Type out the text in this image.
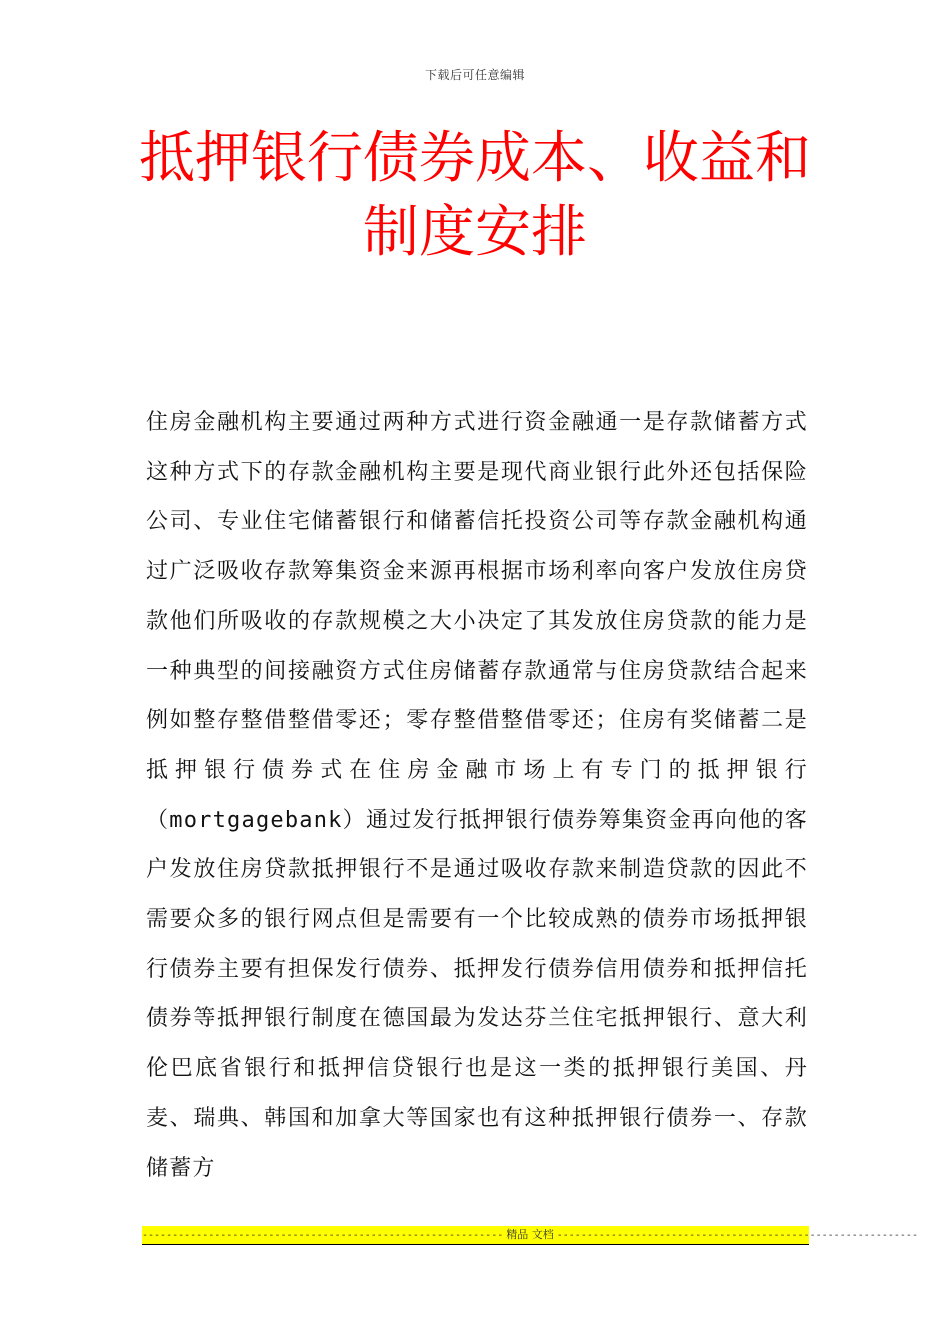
下载后可任意编辑
抵押银行债券成本、收益和制度安排

住房金融机构主要通过两种方式进行资金融通一是存款储蓄方式这种方式下的存款金融机构主要是现代商业银行此外还包括保险公司、专业住宅储蓄银行和储蓄信托投资公司等存款金融机构通过广泛吸收存款筹集资金来源再根据市场利率向客户发放住房贷款他们所吸收的存款规模之大小决定了其发放住房贷款的能力是一种典型的间接融资方式住房储蓄存款通常与住房贷款结合起来例如整存整借整借零还；零存整借整借零还；住房有奖储蓄二是抵押银行债券式在住房金融市场上有专门的抵押银行（mortgagebank）通过发行抵押银行债券筹集资金再向他的客户发放住房贷款抵押银行不是通过吸收存款来制造贷款的因此不需要众多的银行网点但是需要有一个比较成熟的债券市场抵押银行债券主要有担保发行债券、抵押发行债券信用债券和抵押信托债券等抵押银行制度在德国最为发达芬兰住宅抵押银行、意大利伦巴底省银行和抵押信贷银行也是这一类的抵押银行美国、丹麦、瑞典、韩国和加拿大等国家也有这种抵押银行债券一、存款储蓄方

------------------------------------------------------------ 精品 文档 ------------------------------------------------------------
